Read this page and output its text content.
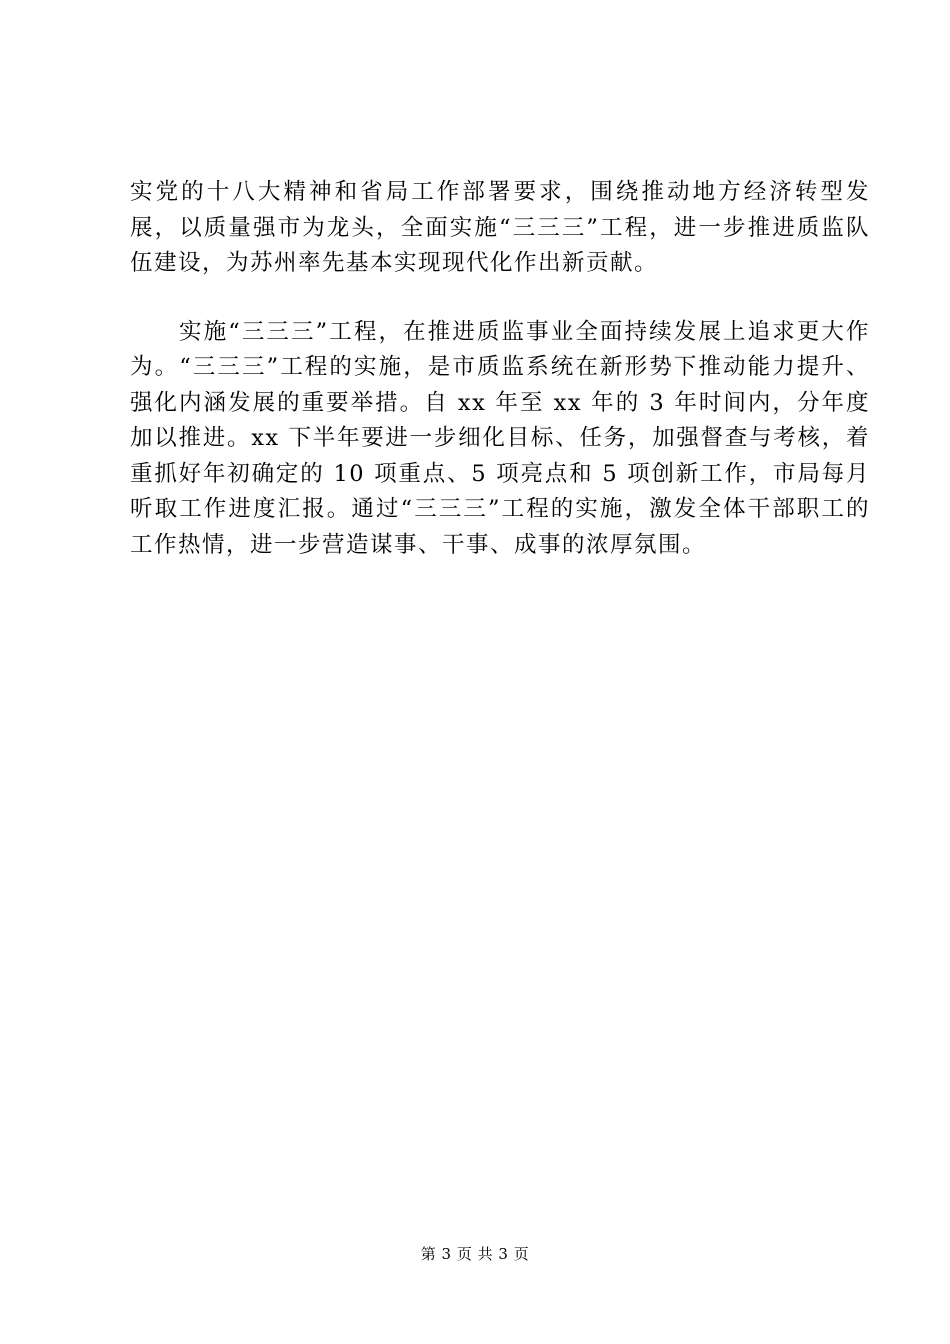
实党的十八大精神和省局工作部署要求，围绕推动地方经济转型发展，以质量强市为龙头，全面实施“三三三”工程，进一步推进质监队伍建设，为苏州率先基本实现现代化作出新贡献。

实施“三三三”工程，在推进质监事业全面持续发展上追求更大作为。“三三三”工程的实施，是市质监系统在新形势下推动能力提升、强化内涵发展的重要举措。自 xx 年至 xx 年的 3 年时间内，分年度加以推进。xx 下半年要进一步细化目标、任务，加强督查与考核，着重抓好年初确定的 10 项重点、5 项亮点和 5 项创新工作，市局每月听取工作进度汇报。通过“三三三”工程的实施，激发全体干部职工的工作热情，进一步营造谋事、干事、成事的浓厚氛围。

第 3 页 共 3 页
